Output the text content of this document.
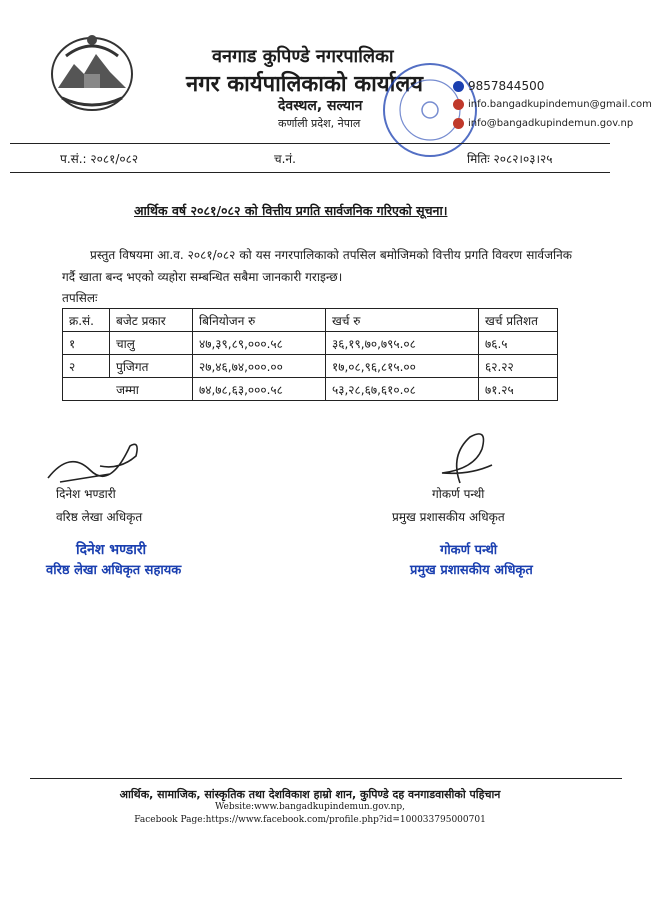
वनगाड कुपिण्डे नगरपालिका
नगर कार्यपालिकाको कार्यालय
देवस्थल, सल्यान
कर्णाली प्रदेश, नेपाल
9857844500
info.bangadkupindemun@gmail.com
info@bangadkupindemun.gov.np
प.सं.: २०८१/०८२	च.नं.	मितिः २०८२।०३।२५
आर्थिक वर्ष २०८१/०८२ को वित्तीय प्रगति सार्वजनिक गरिएको सूचना।
प्रस्तुत विषयमा आ.व. २०८१/०८२ को यस नगरपालिकाको तपसिल बमोजिमको वित्तीय प्रगति विवरण सार्वजनिक गर्दै खाता बन्द भएको व्यहोरा सम्बन्धित सबैमा जानकारी गराइन्छ।
तपसिलः
क्र.सं.	बजेट प्रकार	बिनियोजन रु	खर्च रु	खर्च प्रतिशत
१	चालु	४७,३९,८९,०००.५८	३६,१९,७०,७९५.०८	७६.५
२	पुजिगत	२७,४६,७४,०००.००	१७,०८,९६,८१५.००	६२.२२
जम्मा		७४,७८,६३,०००.५८	५३,२८,६७,६१०.०८	७१.२५
दिनेश भण्डारी
वरिष्ठ लेखा अधिकृत
गोकर्ण पन्थी
प्रमुख प्रशासकीय अधिकृत
दिनेश भण्डारी
वरिष्ठ लेखा अधिकृत सहायक
गोकर्ण पन्थी
प्रमुख प्रशासकीय अधिकृत
आर्थिक, सामाजिक, सांस्कृतिक तथा देशविकाश हाम्रो शान, कुपिण्डे दह वनगाडवासीको पहिचान
Website:www.bangadkupindemun.gov.np,
Facebook Page:https://www.facebook.com/profile.php?id=100033795000701
